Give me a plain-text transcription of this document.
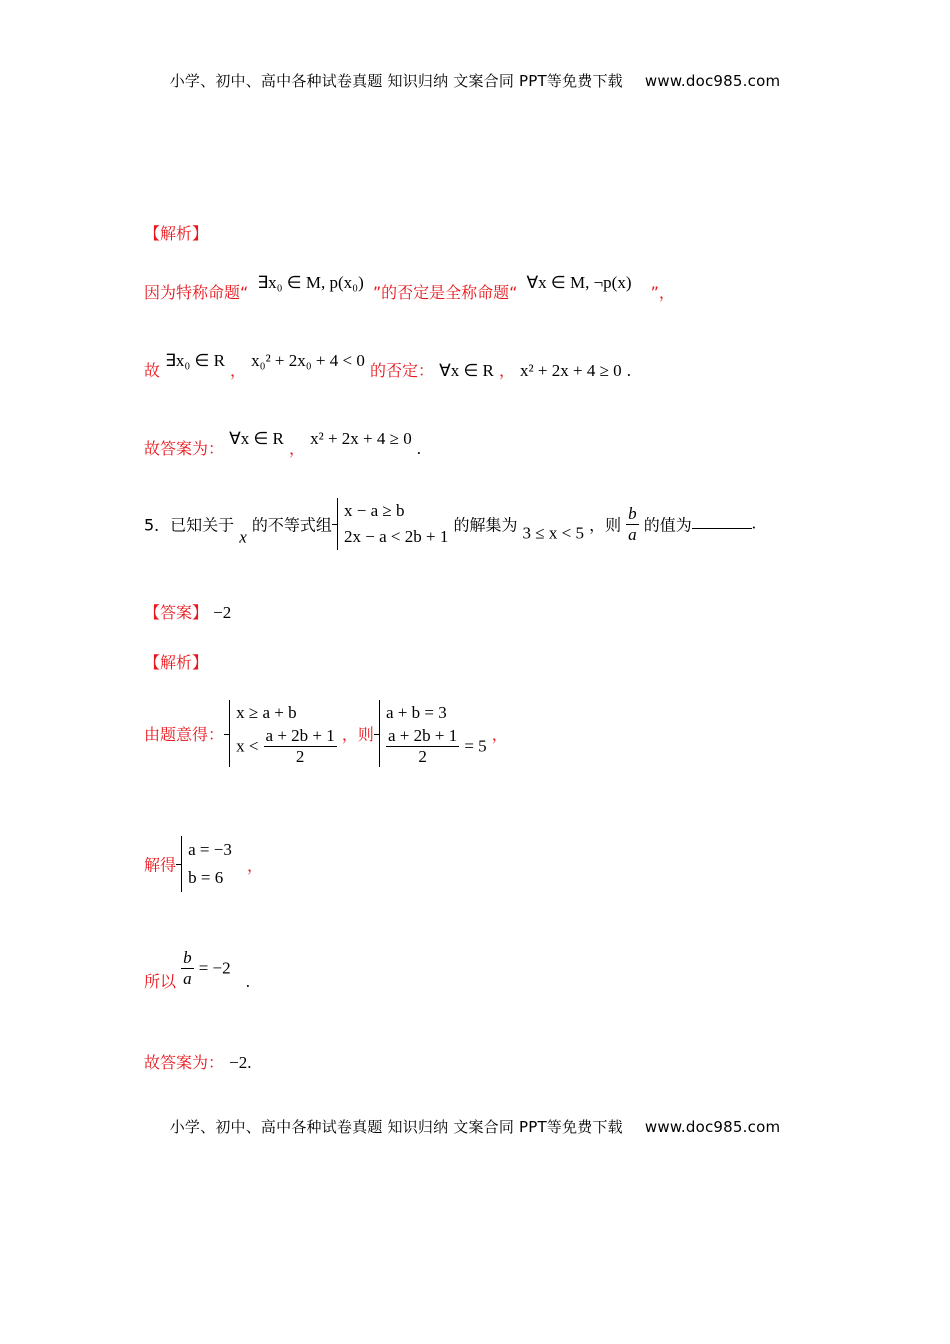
小学、初中、高中各种试卷真题 知识归纳 文案合同 PPT等免费下载 www.doc985.com
【解析】
因为特称命题“ ∃x₀ ∈ M, p(x₀) ”的否定是全称命题“ ∀x ∈ M, ¬p(x) ”，
故 ∃x₀ ∈ R ， x₀² + 2x₀ + 4 < 0 的否定： ∀x ∈ R ， x² + 2x + 4 ≥ 0 .
故答案为： ∀x ∈ R ， x² + 2x + 4 ≥ 0 .
5．已知关于 x 的不等式组
x − a ≥ b
2x − a < 2b + 1
的解集为 3 ≤ x < 5 ，则 $\frac{b}{a}$ 的值为	.
【答案】 −2
【解析】
由题意得：
x ≥ a + b
$x < \frac{a + 2b + 1}{2}$ ，则
a + b = 3
$\frac{a + 2b + 1}{2} = 5$
，
解得
a = −3
b = 6
，
所以 $\frac{b}{a} = -2$ .
故答案为： −2.
小学、初中、高中各种试卷真题 知识归纳 文案合同 PPT等免费下载 www.doc985.com
